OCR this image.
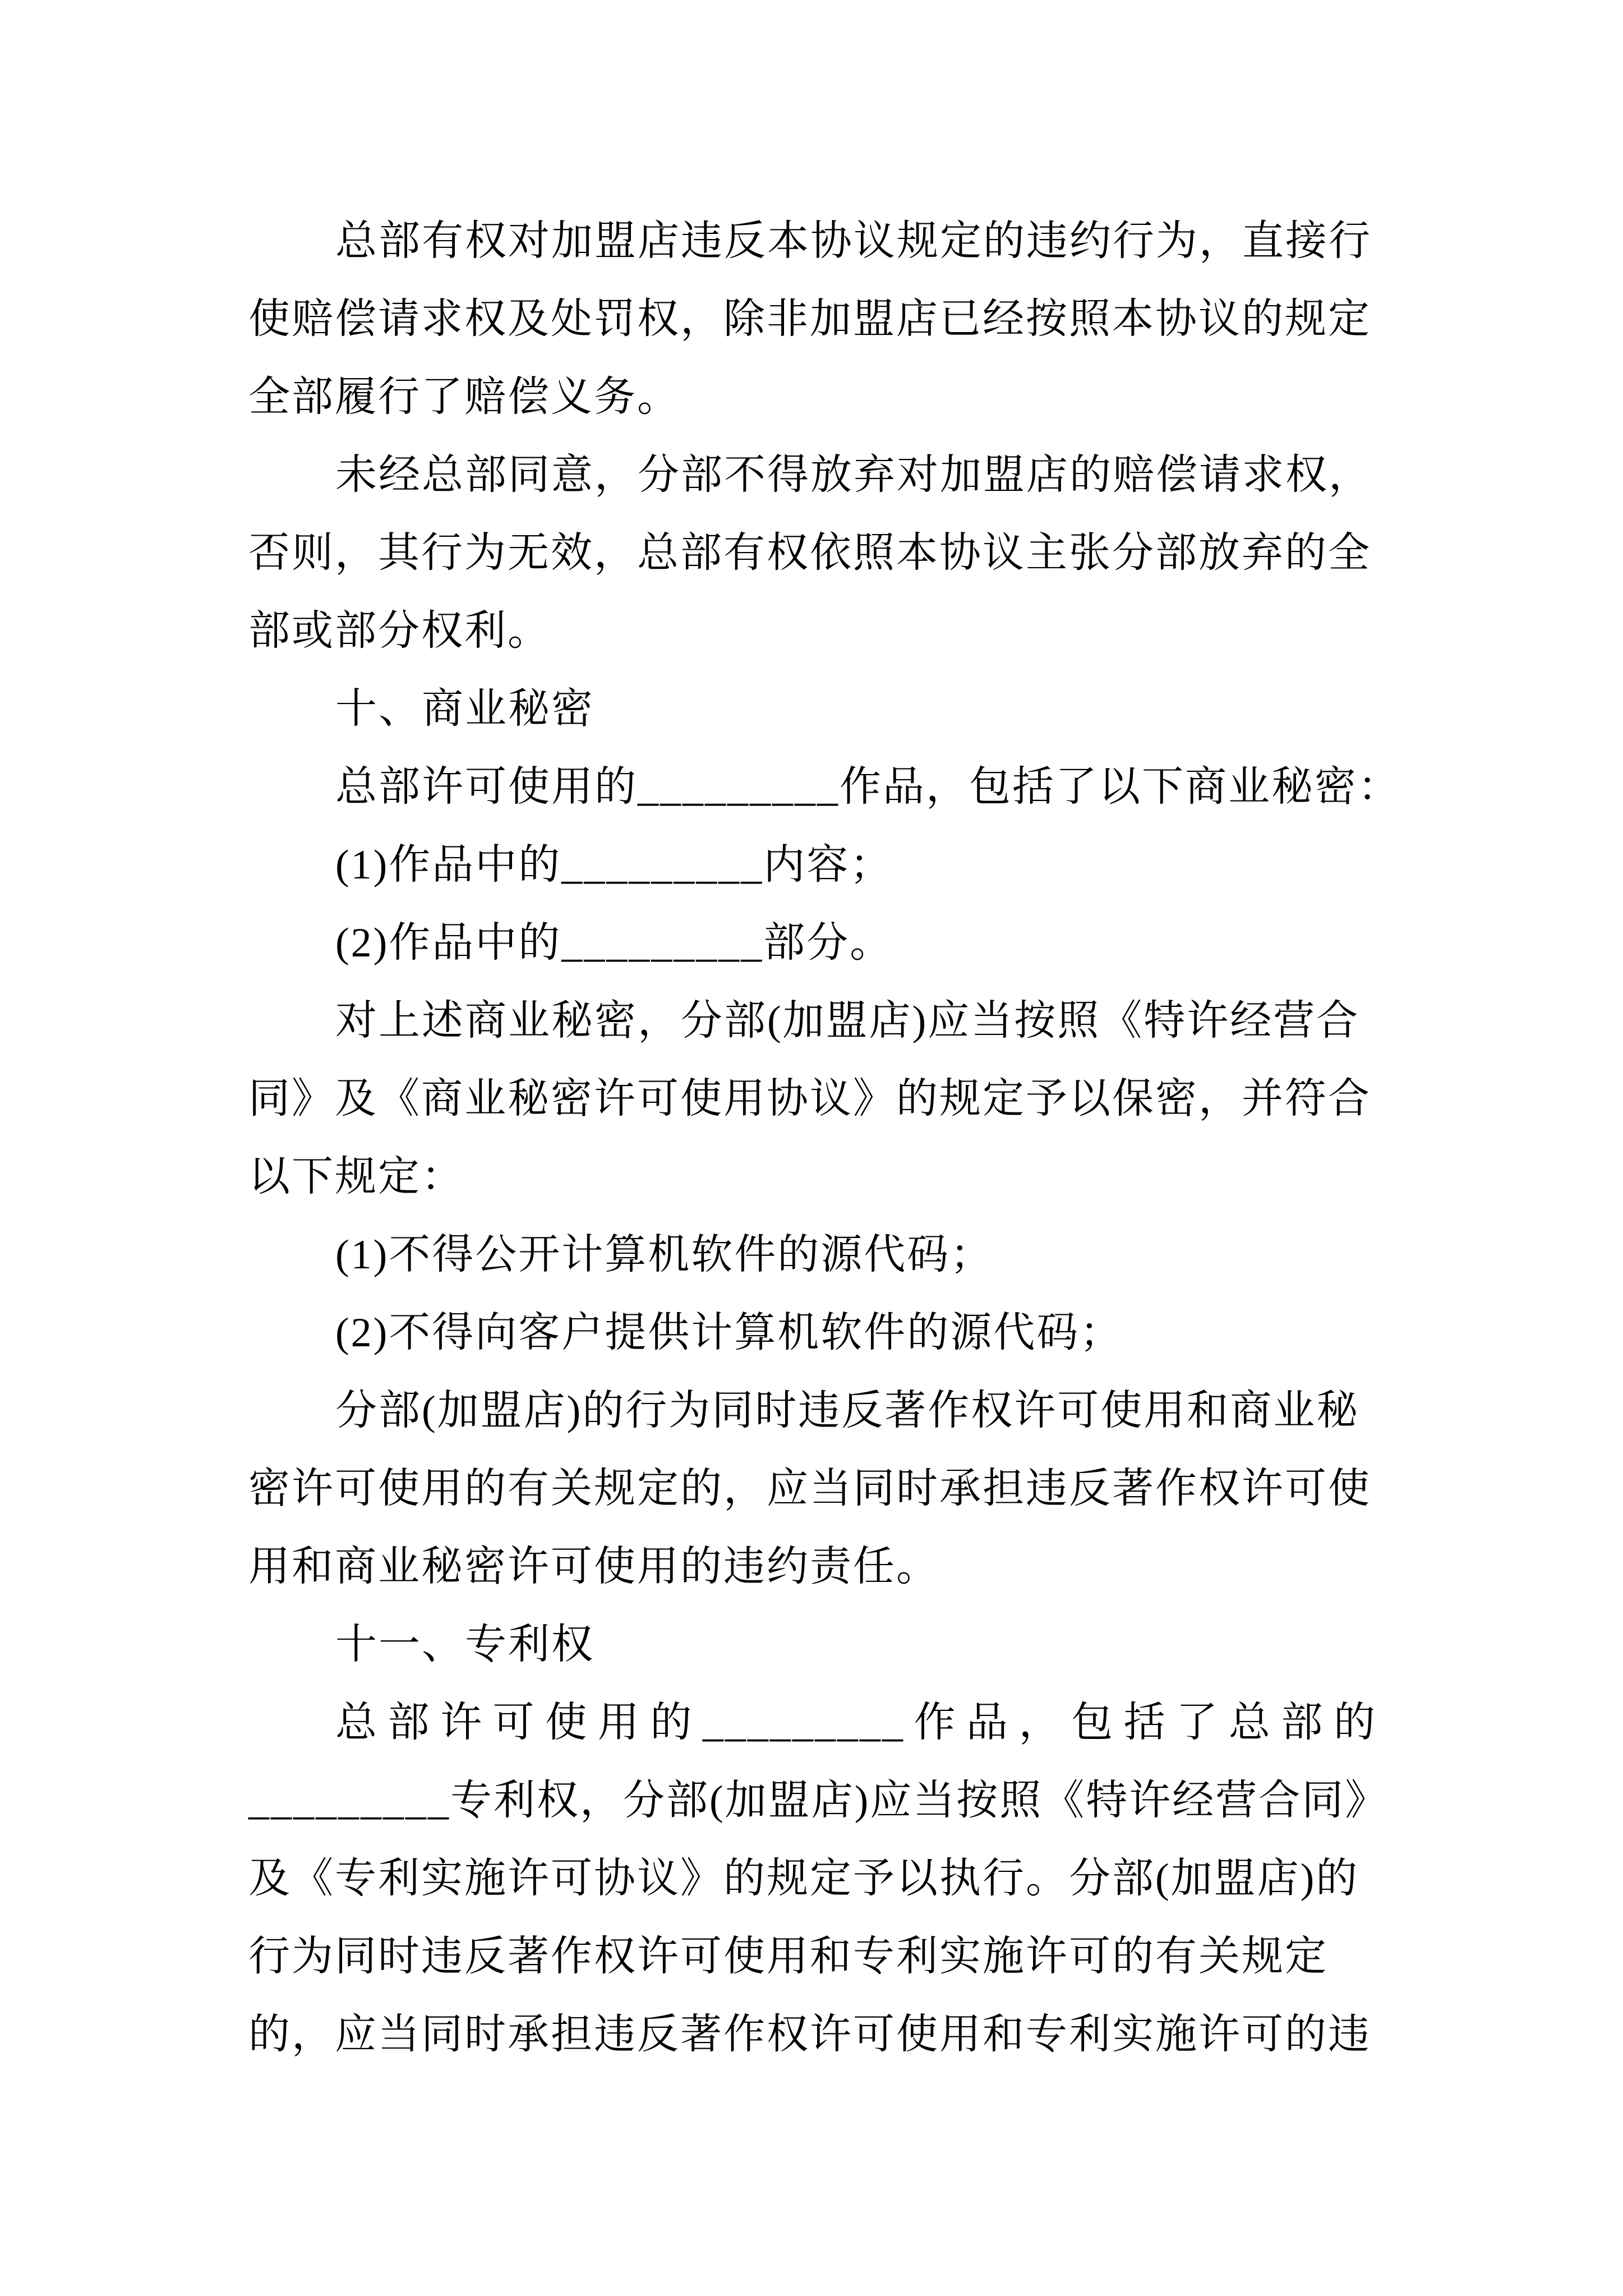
总部有权对加盟店违反本协议规定的违约行为，直接行
使赔偿请求权及处罚权，除非加盟店已经按照本协议的规定
全部履行了赔偿义务。
未经总部同意，分部不得放弃对加盟店的赔偿请求权，
否则，其行为无效，总部有权依照本协议主张分部放弃的全
部或部分权利。
十、商业秘密
总部许可使用的_________作品，包括了以下商业秘密：
(1)作品中的_________内容；
(2)作品中的_________部分。
对上述商业秘密，分部(加盟店)应当按照《特许经营合
同》及《商业秘密许可使用协议》的规定予以保密，并符合
以下规定：
(1)不得公开计算机软件的源代码；
(2)不得向客户提供计算机软件的源代码；
分部(加盟店)的行为同时违反著作权许可使用和商业秘
密许可使用的有关规定的，应当同时承担违反著作权许可使
用和商业秘密许可使用的违约责任。
十一、专利权
总部许可使用的_________作品，包括了总部的
_________专利权，分部(加盟店)应当按照《特许经营合同》
及《专利实施许可协议》的规定予以执行。分部(加盟店)的
行为同时违反著作权许可使用和专利实施许可的有关规定
的，应当同时承担违反著作权许可使用和专利实施许可的违
